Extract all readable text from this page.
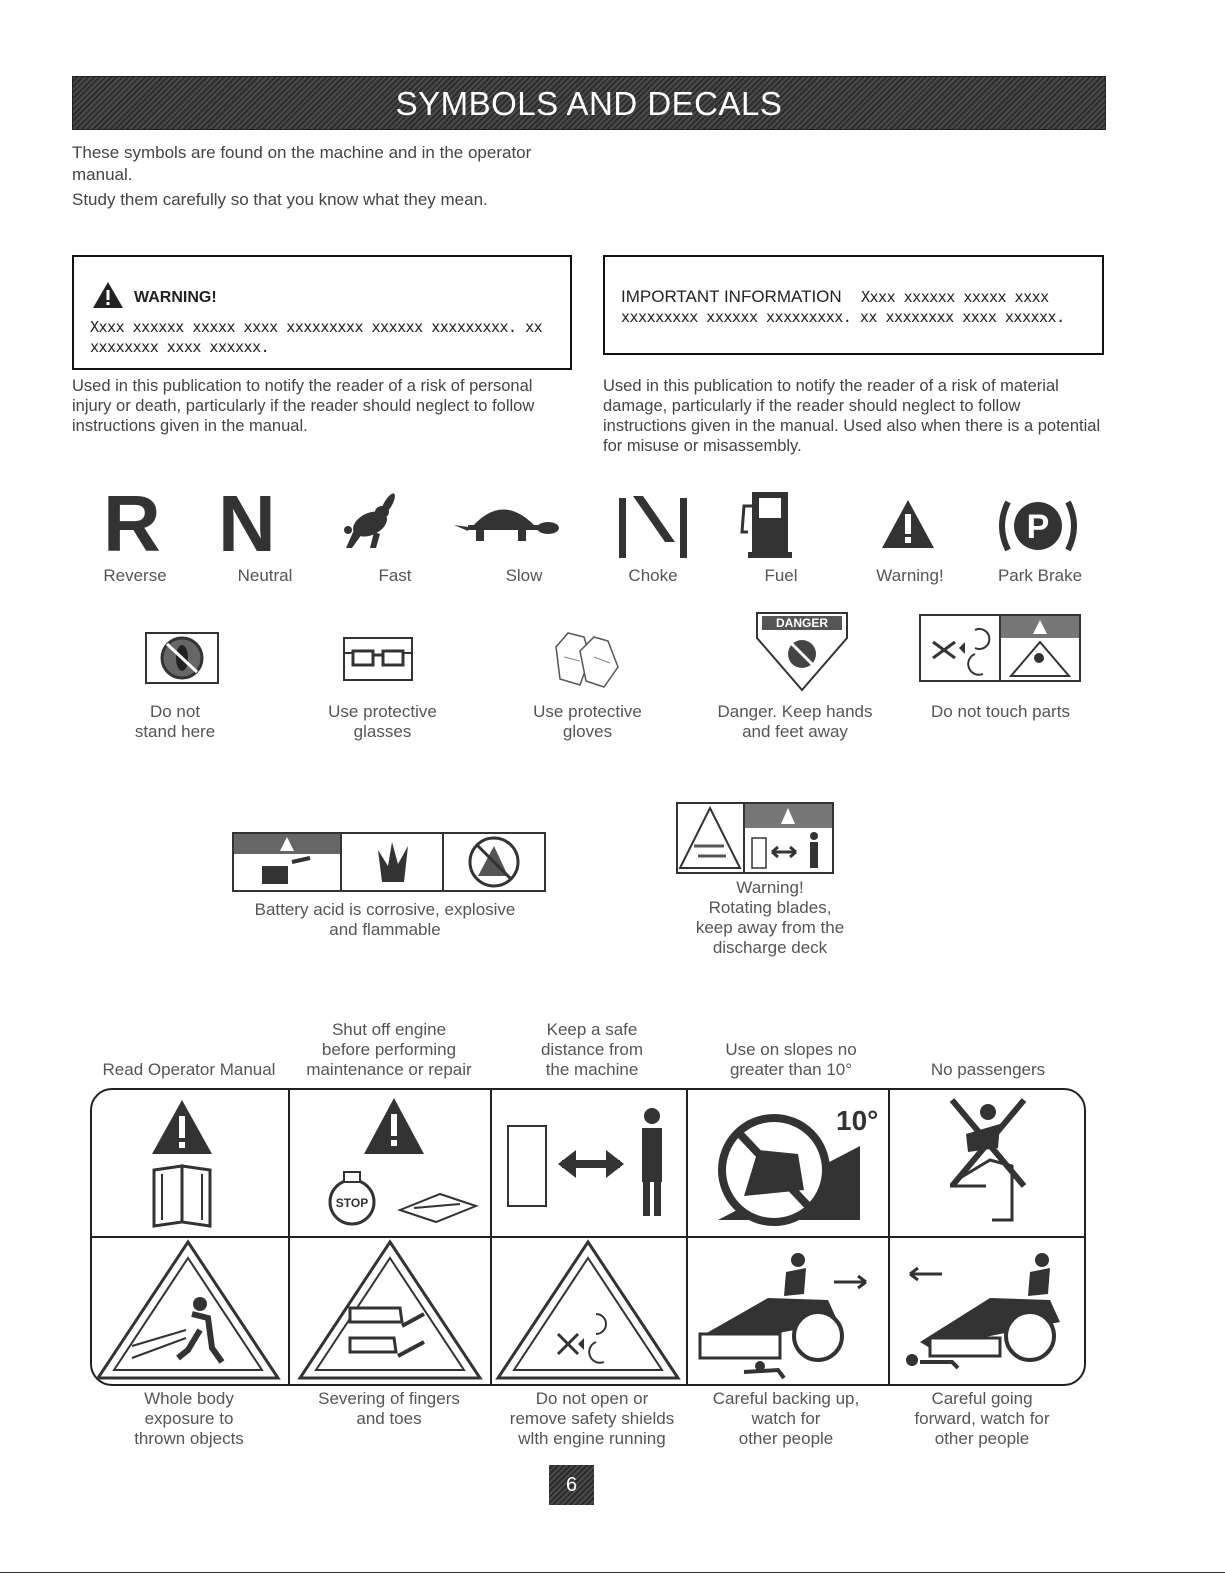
SYMBOLS AND DECALS

These symbols are found on the machine and in the operator manual.

Study them carefully so that you know what they mean.

WARNING!
Xxxx xxxxxx xxxxx xxxx xxxxxxxxx xxxxxx xxxxxxxxx. xx xxxxxxxx xxxx xxxxxx.
Used in this publication to notify the reader of a risk of personal injury or death, particularly if the reader should neglect to follow instructions given in the manual.
IMPORTANT INFORMATION	Xxxx xxxxxx xxxxx xxxx xxxxxxxxx xxxxxx xxxxxxxxx. xx xxxxxxxx xxxx xxxxxx.
Used in this publication to notify the reader of a risk of material damage, particularly if the reader should neglect to follow instructions given in the manual. Used also when there is a potential for misuse or misassembly.
R N	P
Reverse	Neutral	Fast	Slow	Choke	Fuel	Warning!	Park Brake
DANGER
Do not
stand here
Use protective
glasses
Use protective
gloves
Danger. Keep hands
and feet away
Do not touch parts
Battery acid is corrosive, explosive
and flammable
Warning!
Rotating blades,
keep away from the
discharge deck
Read Operator Manual
Shut off engine
before performing
maintenance or repair
Keep a safe
distance from
the machine
Use on slopes no
greater than 10°	No passengers
STOP
10°
Whole body
exposure to
thrown objects
Severing of fingers
and toes
Do not open or
remove safety shields
wlth engine running
Careful backing up,
watch for
other people
Careful going
forward, watch for
other people
6
